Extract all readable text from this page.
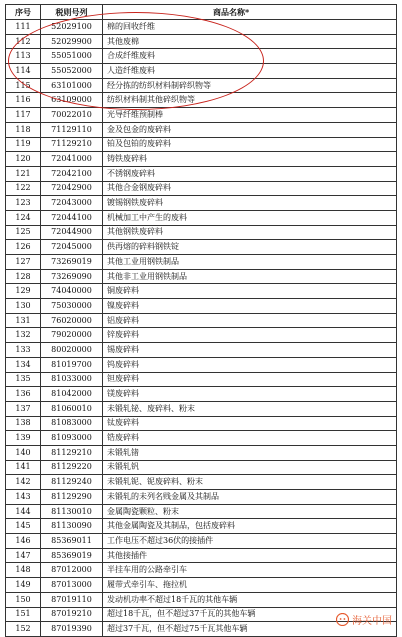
序号	税则号列	商品名称*
111	52029100	棉的回收纤维
112	52029900	其他废棉
113	55051000	合成纤维废料
114	55052000	人造纤维废料
115	63101000	经分拣的纺织材料制碎织物等
116	63109000	纺织材料制其他碎织物等
117	70022010	光导纤维预制棒
118	71129110	金及包金的废碎料
119	71129210	铂及包铂的废碎料
120	72041000	铸铁废碎料
121	72042100	不锈钢废碎料
122	72042900	其他合金钢废碎料
123	72043000	镀锡钢铁废碎料
124	72044100	机械加工中产生的废料
125	72044900	其他钢铁废碎料
126	72045000	供再熔的碎料钢铁锭
127	73269019	其他工业用钢铁制品
128	73269090	其他非工业用钢铁制品
129	74040000	铜废碎料
130	75030000	镍废碎料
131	76020000	铝废碎料
132	79020000	锌废碎料
133	80020000	锡废碎料
134	81019700	钨废碎料
135	81033000	钽废碎料
136	81042000	镁废碎料
137	81060010	未锻轧铋、废碎料、粉末
138	81083000	钛废碎料
139	81093000	锆废碎料
140	81129210	未锻轧锗
141	81129220	未锻轧钒
142	81129240	未锻轧铌、铌废碎料、粉末
143	81129290	未锻轧的未列名贱金属及其制品
144	81130010	金属陶瓷颗粒、粉末
145	81130090	其他金属陶瓷及其制品，包括废碎料
146	85369011	工作电压不超过36伏的接插件
147	85369019	其他接插件
148	87012000	半挂车用的公路牵引车
149	87013000	履带式牵引车、拖拉机
150	87019110	发动机功率不超过18千瓦的其他车辆
151	87019210	超过18千瓦，但不超过37千瓦的其他车辆
152	87019390	超过37千瓦，但不超过75千瓦其他车辆
海关中国
